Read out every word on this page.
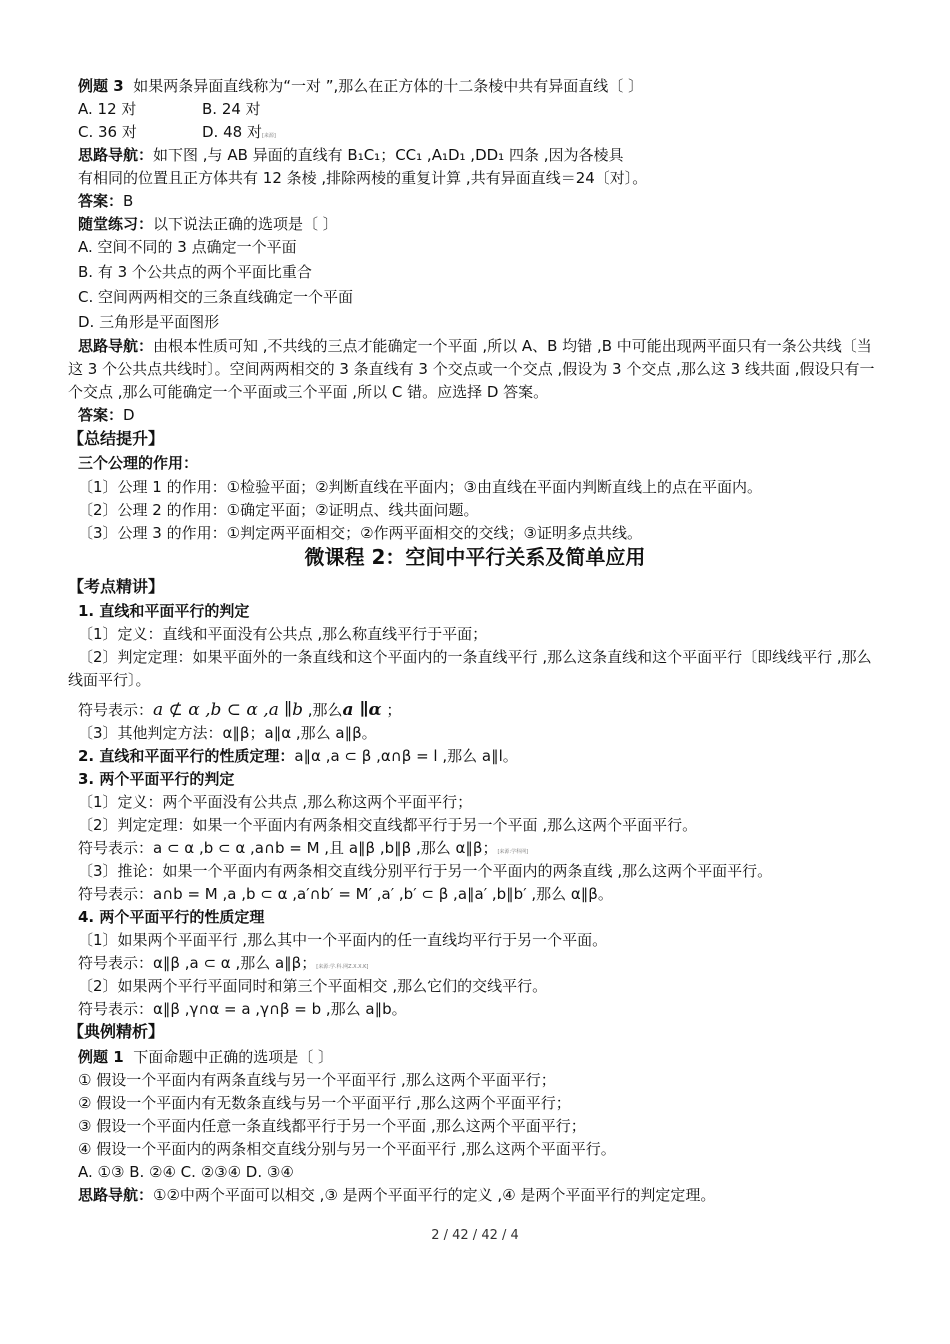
例题 3 如果两条异面直线称为“一对 ”,那么在正方体的十二条棱中共有异面直线〔 〕
A. 12 对	B. 24 对
C. 36 对	D. 48 对[来源]
思路导航：如下图 ,与 AB 异面的直线有 B₁C₁；CC₁ ,A₁D₁ ,DD₁ 四条 ,因为各棱具
有相同的位置且正方体共有 12 条棱 ,排除两棱的重复计算 ,共有异面直线＝24〔对〕。
答案：B
随堂练习：以下说法正确的选项是〔 〕
A. 空间不同的 3 点确定一个平面
B. 有 3 个公共点的两个平面比重合
C. 空间两两相交的三条直线确定一个平面
D. 三角形是平面图形
思路导航：由根本性质可知 ,不共线的三点才能确定一个平面 ,所以 A、B 均错 ,B 中可能出现两平面只有一条公共线〔当这 3 个公共点共线时〕。空间两两相交的 3 条直线有 3 个交点或一个交点 ,假设为 3 个交点 ,那么这 3 线共面 ,假设只有一个交点 ,那么可能确定一个平面或三个平面 ,所以 C 错。应选择 D 答案。
答案：D
【总结提升】
三个公理的作用：
〔1〕公理 1 的作用：①检验平面；②判断直线在平面内；③由直线在平面内判断直线上的点在平面内。
〔2〕公理 2 的作用：①确定平面；②证明点、线共面问题。
〔3〕公理 3 的作用：①判定两平面相交；②作两平面相交的交线；③证明多点共线。
微课程 2：空间中平行关系及简单应用
【考点精讲】
1. 直线和平面平行的判定
〔1〕定义：直线和平面没有公共点 ,那么称直线平行于平面；
〔2〕判定定理：如果平面外的一条直线和这个平面内的一条直线平行 ,那么这条直线和这个平面平行〔即线线平行 ,那么线面平行〕。
符号表示：a ⊄ α ,b ⊂ α ,a ∥b ,那么a ∥α ；
〔3〕其他判定方法：α∥β；a∥α ,那么 a∥β。
2. 直线和平面平行的性质定理：a∥α ,a ⊂ β ,α∩β = l ,那么 a∥l。
3. 两个平面平行的判定
〔1〕定义：两个平面没有公共点 ,那么称这两个平面平行；
〔2〕判定定理：如果一个平面内有两条相交直线都平行于另一个平面 ,那么这两个平面平行。
符号表示：a ⊂ α ,b ⊂ α ,a∩b = M ,且 a∥β ,b∥β ,那么 α∥β；[来源:学科网]
〔3〕推论：如果一个平面内有两条相交直线分别平行于另一个平面内的两条直线 ,那么这两个平面平行。
符号表示：a∩b = M ,a ,b ⊂ α ,a′∩b′ = M′ ,a′ ,b′ ⊂ β ,a∥a′ ,b∥b′ ,那么 α∥β。
4. 两个平面平行的性质定理
〔1〕如果两个平面平行 ,那么其中一个平面内的任一直线均平行于另一个平面。
符号表示：α∥β ,a ⊂ α ,那么 a∥β；[来源:学.科.网Z.X.X.K]
〔2〕如果两个平行平面同时和第三个平面相交 ,那么它们的交线平行。
符号表示：α∥β ,γ∩α = a ,γ∩β = b ,那么 a∥b。
【典例精析】
例题 1 下面命题中正确的选项是〔 〕
① 假设一个平面内有两条直线与另一个平面平行 ,那么这两个平面平行；
② 假设一个平面内有无数条直线与另一个平面平行 ,那么这两个平面平行；
③ 假设一个平面内任意一条直线都平行于另一个平面 ,那么这两个平面平行；
④ 假设一个平面内的两条相交直线分别与另一个平面平行 ,那么这两个平面平行。
A. ①③ B. ②④ C. ②③④ D. ③④
思路导航：①②中两个平面可以相交 ,③ 是两个平面平行的定义 ,④ 是两个平面平行的判定定理。
2 / 42 / 42 / 4
